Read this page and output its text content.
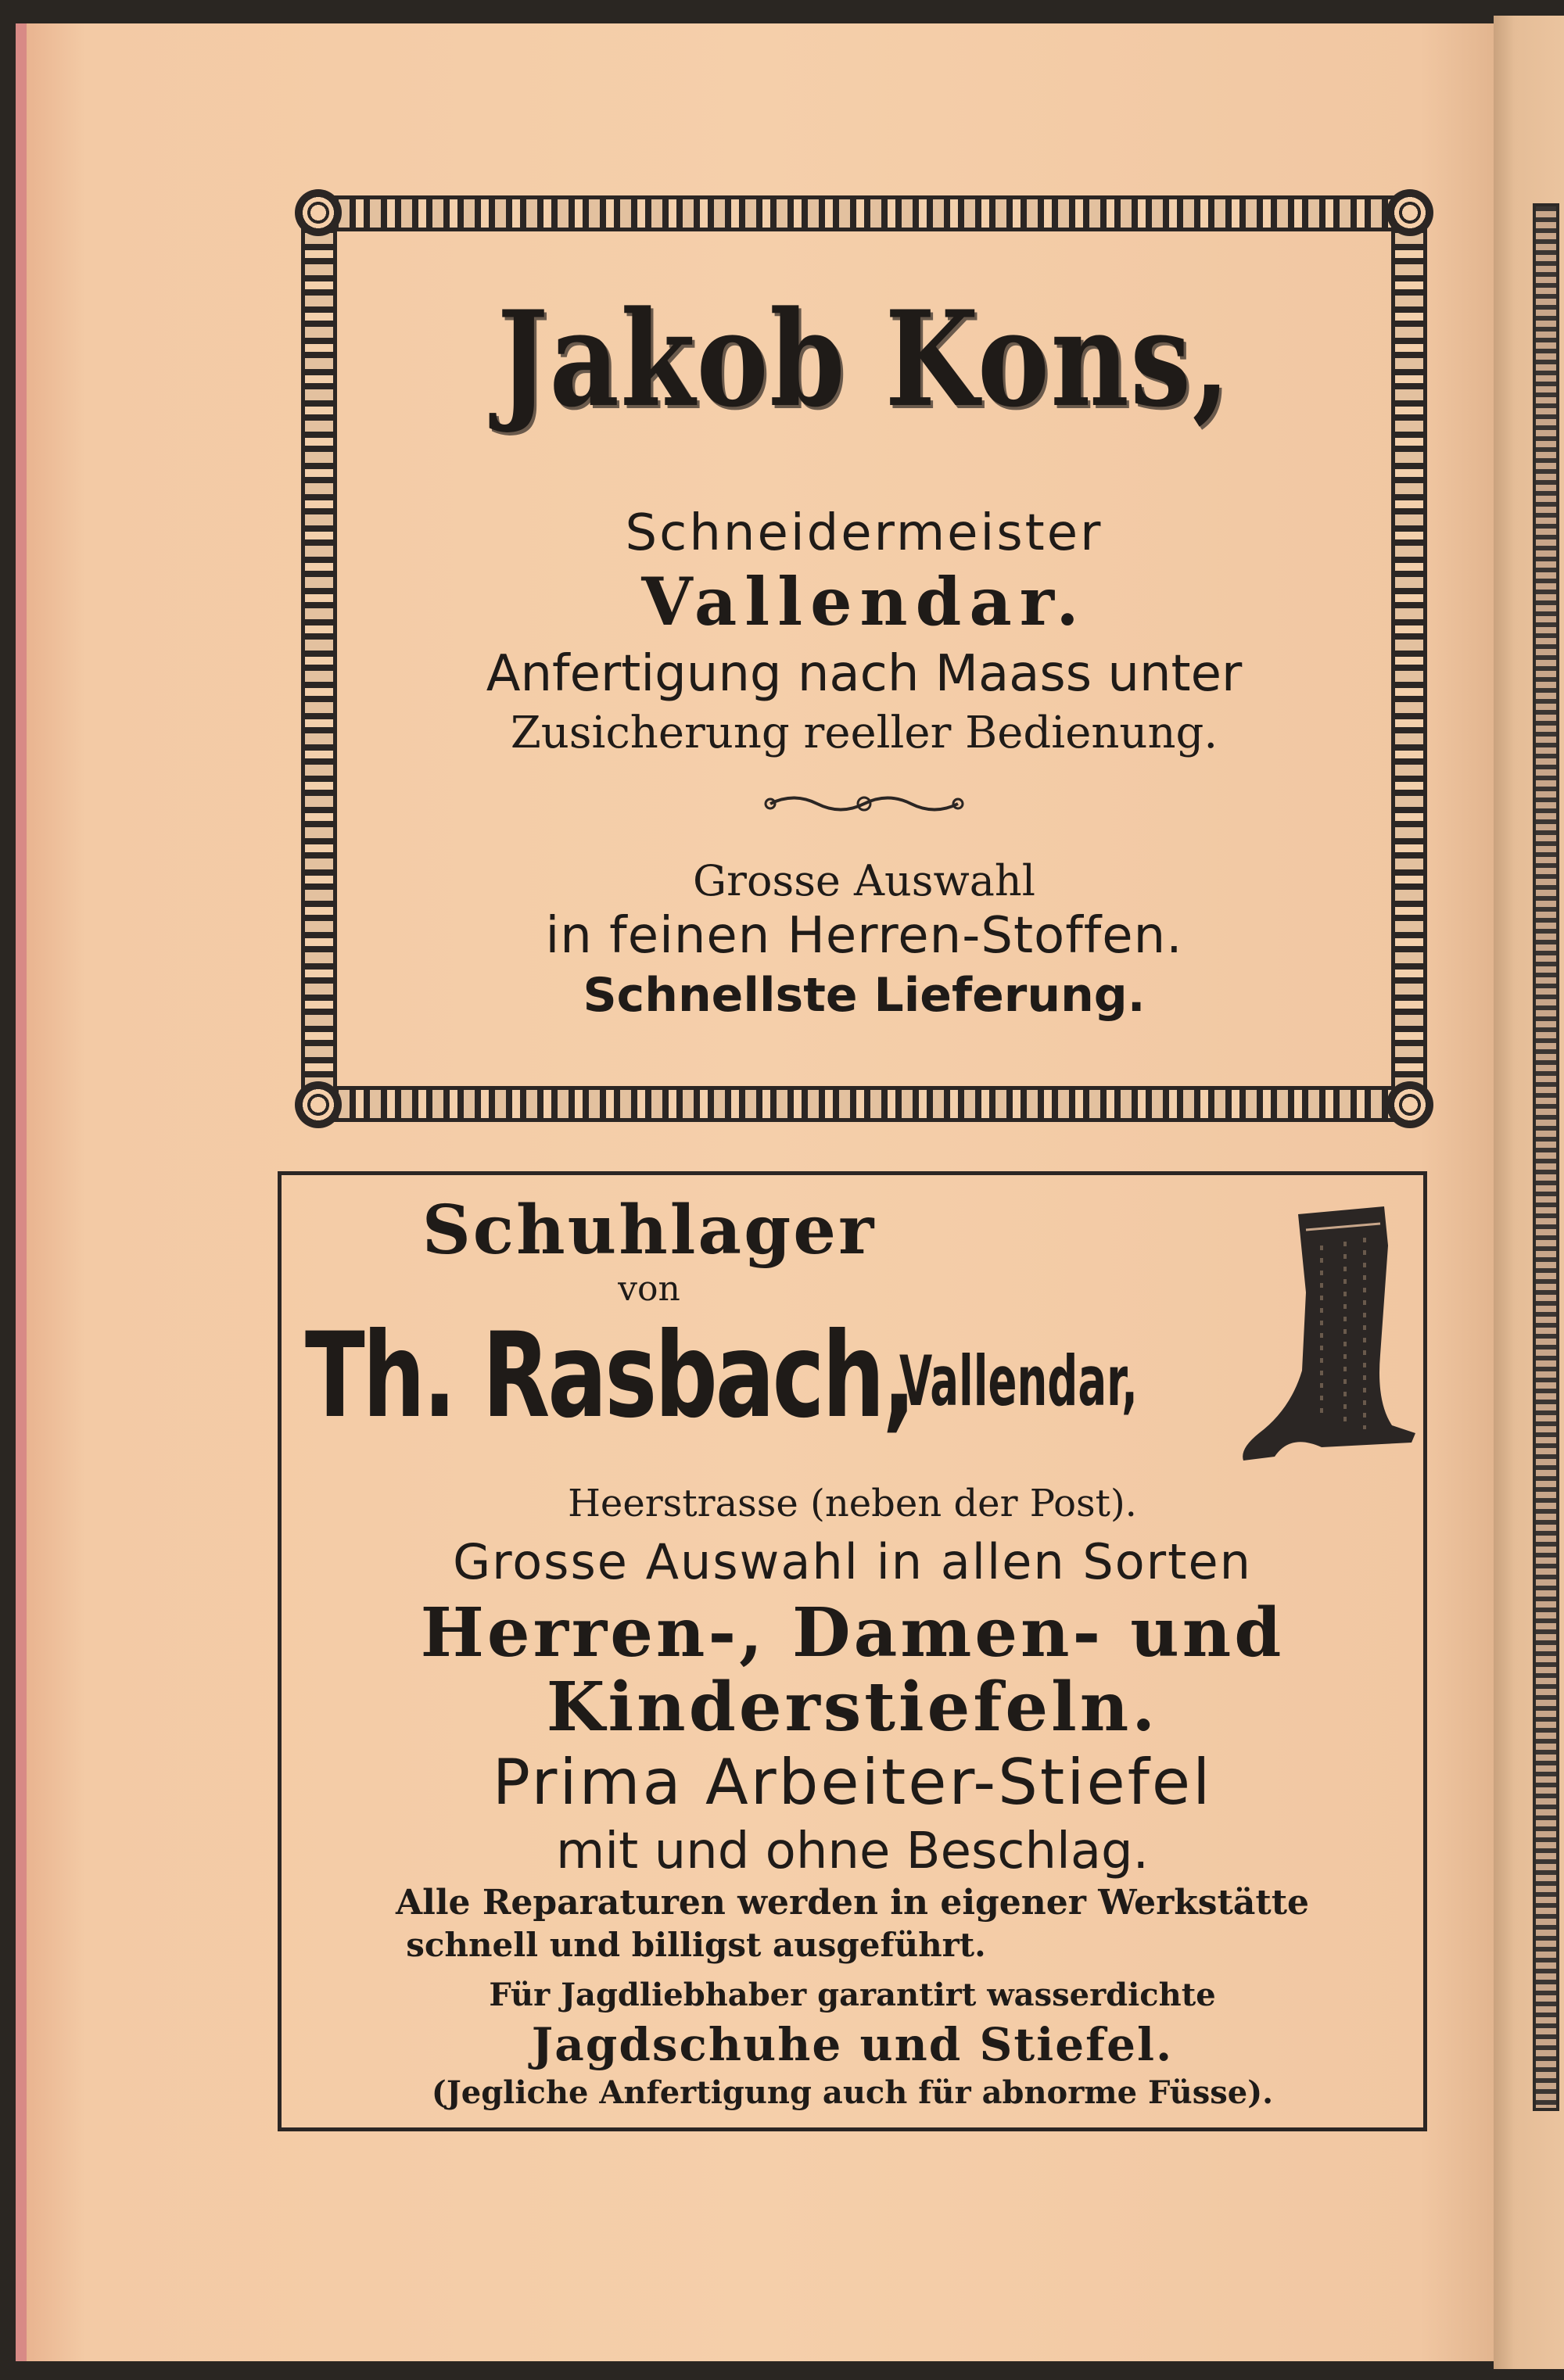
Jakob Kons,
Schneidermeister
Vallendar.
Anfertigung nach Maass unter
Zusicherung reeller Bedienung.
Grosse Auswahl
in feinen Herren-Stoffen.
Schnellste Lieferung.
Schuhlager
von
Th. Rasbach,
Vallendar,
Heerstrasse (neben der Post).
Grosse Auswahl in allen Sorten
Herren-, Damen- und
Kinderstiefeln.
Prima Arbeiter-Stiefel
mit und ohne Beschlag.
Alle Reparaturen werden in eigener Werkstätte
schnell und billigst ausgeführt.
Für Jagdliebhaber garantirt wasserdichte
Jagdschuhe und Stiefel.
(Jegliche Anfertigung auch für abnorme Füsse).
